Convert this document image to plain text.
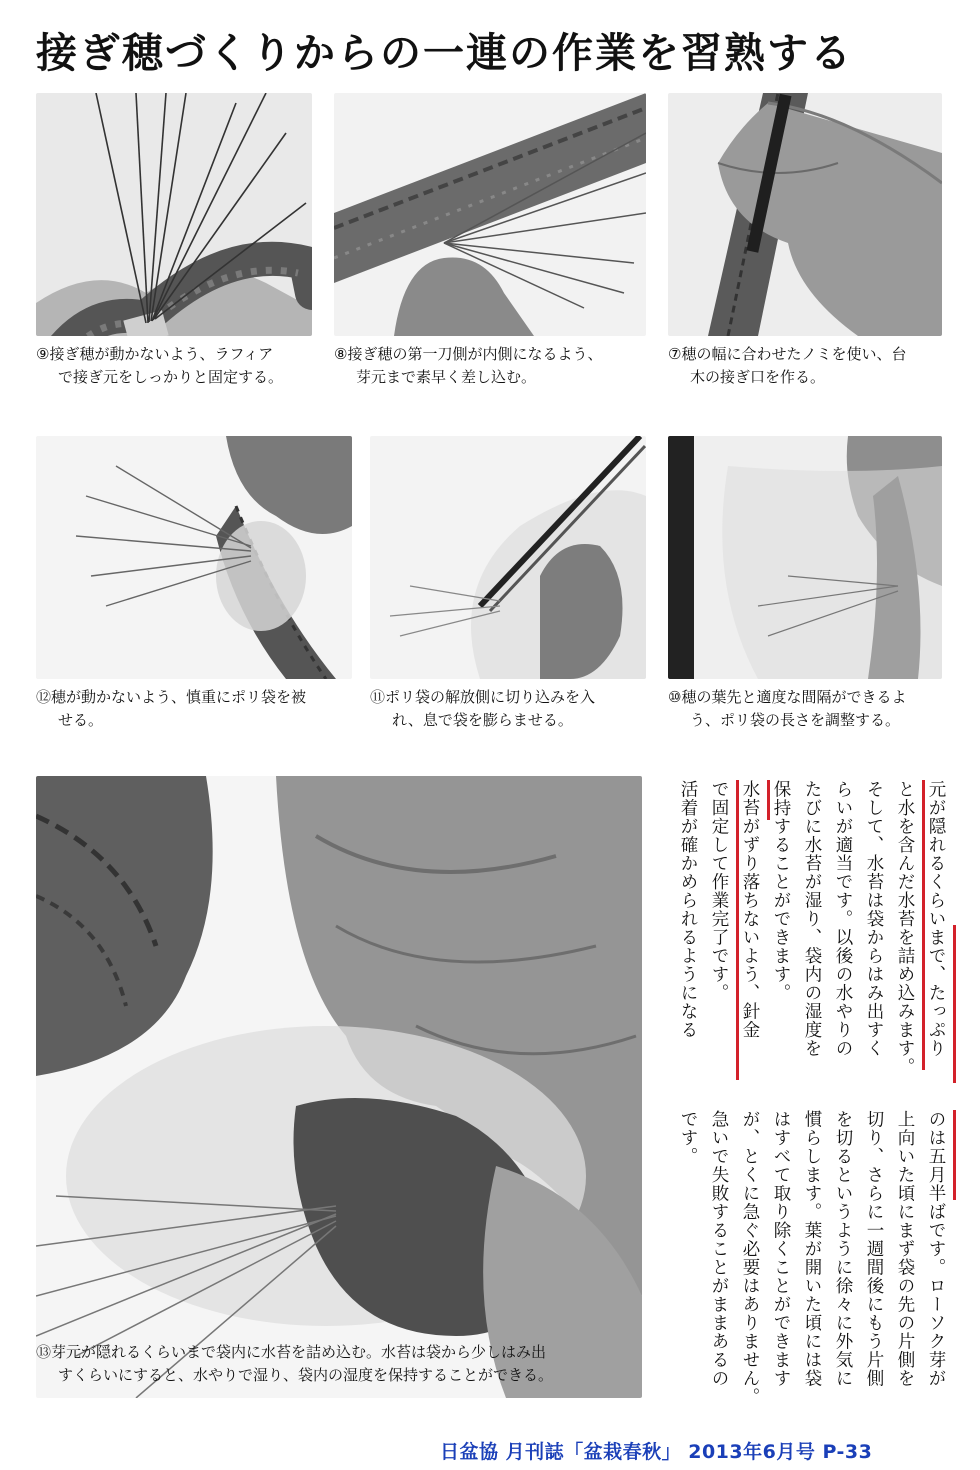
接ぎ穂づくりからの一連の作業を習熟する
⑨接ぎ穂が動かないよう、ラフィア
で接ぎ元をしっかりと固定する。
⑧接ぎ穂の第一刀側が内側になるよう、
芽元まで素早く差し込む。
⑦穂の幅に合わせたノミを使い、台
木の接ぎ口を作る。
⑫穂が動かないよう、慎重にポリ袋を被
せる。
⑪ポリ袋の解放側に切り込みを入
れ、息で袋を膨らませる。
⑩穂の葉先と適度な間隔ができるよ
う、ポリ袋の長さを調整する。
⑬芽元が隠れるくらいまで袋内に水苔を詰め込む。水苔は袋から少しはみ出
すくらいにすると、水やりで湿り、袋内の湿度を保持することができる。
元が隠れるくらいまで、たっぷり
と水を含んだ水苔を詰め込みます。
そして、水苔は袋からはみ出すく
らいが適当です。以後の水やりの
たびに水苔が湿り、袋内の湿度を
保持することができます。
水苔がずり落ちないよう、針金
で固定して作業完了です。
活着が確かめられるようになる
のは五月半ばです。ローソク芽が
上向いた頃にまず袋の先の片側を
切り、さらに一週間後にもう片側
を切るというように徐々に外気に
慣らします。葉が開いた頃には袋
はすべて取り除くことができます
が、とくに急ぐ必要はありません。
急いで失敗することがままあるの
です。
日盆協 月刊誌「盆栽春秋」 2013年6月号 P-33
